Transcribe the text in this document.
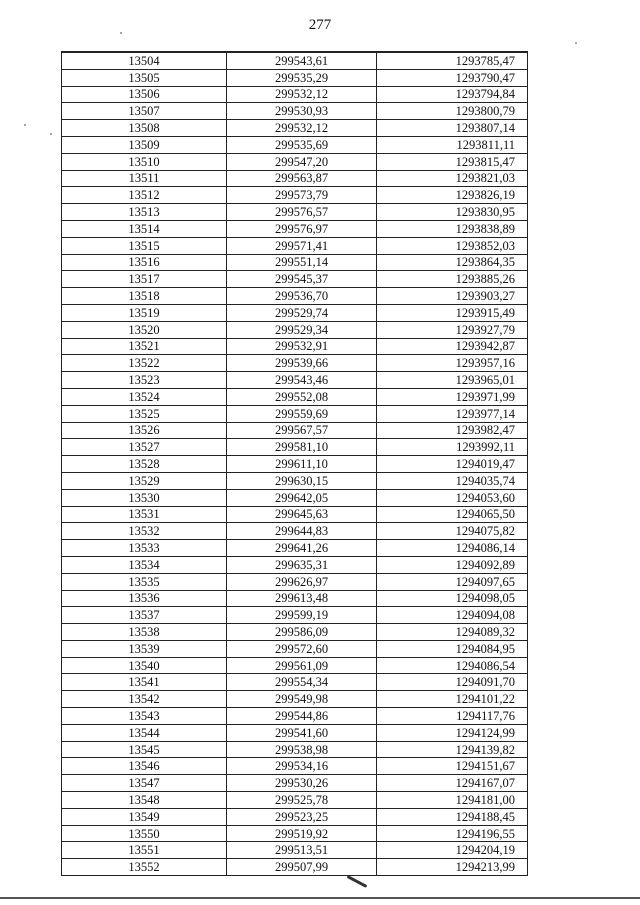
277
13504	299543,61	1293785,47
13505	299535,29	1293790,47
13506	299532,12	1293794,84
13507	299530,93	1293800,79
13508	299532,12	1293807,14
13509	299535,69	1293811,11
13510	299547,20	1293815,47
13511	299563,87	1293821,03
13512	299573,79	1293826,19
13513	299576,57	1293830,95
13514	299576,97	1293838,89
13515	299571,41	1293852,03
13516	299551,14	1293864,35
13517	299545,37	1293885,26
13518	299536,70	1293903,27
13519	299529,74	1293915,49
13520	299529,34	1293927,79
13521	299532,91	1293942,87
13522	299539,66	1293957,16
13523	299543,46	1293965,01
13524	299552,08	1293971,99
13525	299559,69	1293977,14
13526	299567,57	1293982,47
13527	299581,10	1293992,11
13528	299611,10	1294019,47
13529	299630,15	1294035,74
13530	299642,05	1294053,60
13531	299645,63	1294065,50
13532	299644,83	1294075,82
13533	299641,26	1294086,14
13534	299635,31	1294092,89
13535	299626,97	1294097,65
13536	299613,48	1294098,05
13537	299599,19	1294094,08
13538	299586,09	1294089,32
13539	299572,60	1294084,95
13540	299561,09	1294086,54
13541	299554,34	1294091,70
13542	299549,98	1294101,22
13543	299544,86	1294117,76
13544	299541,60	1294124,99
13545	299538,98	1294139,82
13546	299534,16	1294151,67
13547	299530,26	1294167,07
13548	299525,78	1294181,00
13549	299523,25	1294188,45
13550	299519,92	1294196,55
13551	299513,51	1294204,19
13552	299507,99	1294213,99
